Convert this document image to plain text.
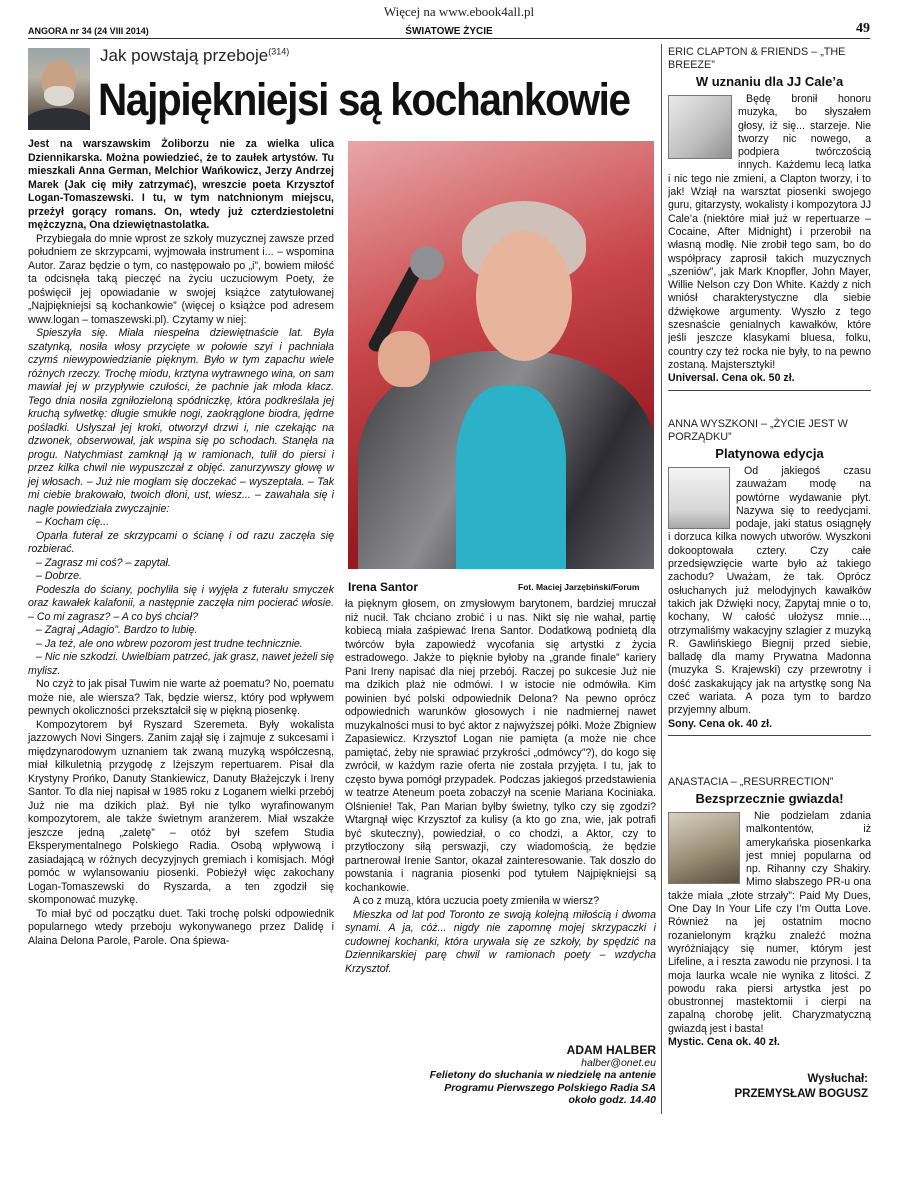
Więcej na www.ebook4all.pl
ANGORA nr 34 (24 VIII 2014)	ŚWIATOWE ŻYCIE	49
Jak powstają przeboje$^{(314)}$
Najpiękniejsi są kochankowie

Jest na warszawskim Żoliborzu nie za wielka ulica Dziennikarska. Można powiedzieć, że to zaułek artystów. Tu mieszkali Anna German, Melchior Wańkowicz, Jerzy Andrzej Marek (Jak cię miły zatrzymać), wreszcie poeta Krzysztof Logan-Tomaszewski. I tu, w tym natchnionym miejscu, przeżył gorący romans. On, wtedy już czterdziestoletni mężczyzna, Ona dziewiętnastolatka.

Przybiegała do mnie wprost ze szkoły muzycznej zawsze przed południem ze skrzypcami, wyjmowała instrument i... – wspomina Autor. Zaraz będzie o tym, co następowało po „i”, bowiem miłość ta odcisnęła taką pieczęć na życiu uczuciowym Poety, że poświęcił jej opowiadanie w swojej książce zatytułowanej „Najpiękniejsi są kochankowie” (więcej o książce pod adresem www.logan – tomaszewski.pl). Czytamy w niej:

Spieszyła się. Miała niespełna dziewiętnaście lat. Była szatynką, nosiła włosy przycięte w połowie szyi i pachniała czymś niewypowiedzianie pięknym. Było w tym zapachu wiele różnych rzeczy. Trochę miodu, krztyna wytrawnego wina, on sam mawiał jej w przypływie czułości, że pachnie jak młoda kłacz. Tego dnia nosiła zgniłozieloną spódniczkę, która podkreślała jej kruchą sylwetkę: długie smukłe nogi, zaokrąglone biodra, jędrne pośladki. Usłyszał jej kroki, otworzył drzwi i, nie czekając na dzwonek, obserwował, jak wspina się po schodach. Stanęła na progu. Natychmiast zamknął ją w ramionach, tulił do piersi i przez kilka chwil nie wypuszczał z objęć. zanurzywszy głowę w jej włosach. – Już nie mogłam się doczekać – wyszeptała. – Tak mi ciebie brakowało, twoich dłoni, ust, wiesz... – zawahała się i nagle powiedziała zwyczajnie:

– Kocham cię...

Oparła futerał ze skrzypcami o ścianę i od razu zaczęła się rozbierać.

– Zagrasz mi coś? – zapytał.

– Dobrze.

Podeszła do ściany, pochyliła się i wyjęła z futerału smyczek oraz kawałek kalafonii, a następnie zaczęła nim pocierać włosie. – Co mi zagrasz? – A co byś chciał?

– Zagraj „Adagio”. Bardzo to lubię.

– Ja też, ale ono wbrew pozorom jest trudne technicznie.

– Nic nie szkodzi. Uwielbiam patrzeć, jak grasz, nawet jeżeli się mylisz.

No czyż to jak pisał Tuwim nie warte aż poematu? No, poematu może nie, ale wiersza? Tak, będzie wiersz, który pod wpływem pewnych okoliczności przekształcił się w piękną piosenkę.

Kompozytorem był Ryszard Szeremeta. Były wokalista jazzowych Novi Singers. Zanim zajął się i zajmuje z sukcesami i międzynarodowym uznaniem tak zwaną muzyką współczesną, miał kilkuletnią przygodę z lżejszym repertuarem. Pisał dla Krystyny Prońko, Danuty Stankiewicz, Danuty Błażejczyk i Ireny Santor. To dla niej napisał w 1985 roku z Loganem wielki przebój Już nie ma dzikich plaż. Był nie tylko wyrafinowanym kompozytorem, ale także świetnym aranżerem. Miał wszakże jeszcze jedną „zaletę” – otóż był szefem Studia Eksperymentalnego Polskiego Radia. Osobą wpływową i zasiadającą w różnych decyzyjnych gremiach i komisjach. Mógł pomóc w wylansowaniu piosenki. Pobieżył więc zakochany Logan-Tomaszewski do Ryszarda, a ten zgodził się skomponować muzykę.

To miał być od początku duet. Taki trochę polski odpowiednik popularnego wtedy przeboju wykonywanego przez Dalidę i Alaina Delona Parole, Parole. Ona śpiewa-

Irena Santor	Fot. Maciej Jarzębiński/Forum

ła pięknym głosem, on zmysłowym barytonem, bardziej mruczał niż nucił. Tak chciano zrobić i u nas. Nikt się nie wahał, partię kobiecą miała zaśpiewać Irena Santor. Dodatkową podnietą dla twórców była zapowiedź wycofania się artystki z życia estradowego. Jakże to pięknie byłoby na „grande finale” kariery Pani Ireny napisać dla niej przebój. Raczej po sukcesie Już nie ma dzikich plaż nie odmówi. I w istocie nie odmówiła. Kim powinien być polski odpowiednik Delona? Na pewno oprócz odpowiednich warunków głosowych i nie nadmiernej nawet muzykalności musi to być aktor z najwyższej półki. Może Zbigniew Zapasiewicz. Krzysztof Logan nie pamięta (a może nie chce pamiętać, żeby nie sprawiać przykrości „odmówcy”?), do kogo się zwrócił, w każdym razie oferta nie została przyjęta. I tu, jak to często bywa pomógł przypadek. Podczas jakiegoś przedstawienia w teatrze Ateneum poeta zobaczył na scenie Mariana Kociniaka. Olśnienie! Tak, Pan Marian byłby świetny, tylko czy się zgodzi? Wtargnął więc Krzysztof za kulisy (a kto go zna, wie, jak potrafi być skuteczny), powiedział, o co chodzi, a Aktor, czy to przytłoczony siłą perswazji, czy wiadomością, że będzie partnerował Irenie Santor, okazał zainteresowanie. Tak doszło do powstania i nagrania piosenki pod tytułem Najpiękniejsi są kochankowie.

A co z muzą, która uczucia poety zmieniła w wiersz?

Mieszka od lat pod Toronto ze swoją kolejną miłością i dwoma synami. A ja, cóż... nigdy nie zapomnę mojej skrzypaczki i cudownej kochanki, która urywała się ze szkoły, by spędzić na Dziennikarskiej parę chwil w ramionach poety – wzdycha Krzysztof.

ADAM HALBER
halber@onet.eu
Felietony do słuchania w niedzielę na antenie
Programu Pierwszego Polskiego Radia SA
około godz. 14.40
ERIC CLAPTON & FRIENDS – „THE BREEZE”
W uznaniu dla JJ Cale’a

Będę bronił honoru muzyka, bo słyszałem głosy, iż się... starzeje. Nie tworzy nic nowego, a podpiera twórczością innych. Każdemu lecą latka i nic tego nie zmieni, a Clapton tworzy, i to jak! Wziął na warsztat piosenki swojego guru, gitarzysty, wokalisty i kompozytora JJ Cale’a (niektóre miał już w repertuarze – Cocaine, After Midnight) i przerobił na własną modłę. Nie zrobił tego sam, bo do współpracy zaprosił takich muzycznych „szeniów”, jak Mark Knopfler, John Mayer, Willie Nelson czy Don White. Każdy z nich wniósł charakterystyczne dla siebie dźwiękowe argumenty. Wyszło z tego szesnaście genialnych kawałków, które jeśli jeszcze klasykami bluesa, folku, country czy też rocka nie były, to na pewno zostaną. Majstersztyki!

Universal. Cena ok. 50 zł.

ANNA WYSZKONI – „ŻYCIE JEST W PORZĄDKU”
Platynowa edycja

Od jakiegoś czasu zauważam modę na powtórne wydawanie płyt. Nazywa się to reedycjami. podaje, jaki status osiągnęły i dorzuca kilka nowych utworów. Wyszkoni dokooptowała cztery. Czy całe przedsięwzięcie warte było aż takiego zachodu? Uważam, że tak. Oprócz osłuchanych już melodyjnych kawałków takich jak Dźwięki nocy, Zapytaj mnie o to, kochany, W całość ułożysz mnie..., otrzymaliśmy wakacyjny szlagier z muzyką R. Gawlińskiego Biegnij przed siebie, balladę dla mamy Prywatna Madonna (muzyka S. Krajewski) czy przewrotny i dość zaskakujący jak na artystkę song Na czeć wariata. A poza tym to bardzo przyjemny album.

Sony. Cena ok. 40 zł.

ANASTACIA – „RESURRECTION”
Bezsprzecznie gwiazda!

Nie podzielam zdania malkontentów, iż amerykańska piosenkarka jest mniej popularna od np. Rihanny czy Shakiry. Mimo słabszego PR-u ona także miała „złote strzały”: Paid My Dues, One Day In Your Life czy I’m Outta Love. Również na jej ostatnim mocno rozanielonym krążku znaleźć można wyróżniający się numer, którym jest Lifeline, a i reszta zawodu nie przynosi. I ta moja laurka wcale nie wynika z litości. Z powodu raka piersi artystka jest po obustronnej mastektomii i cierpi na zapalną chorobę jelit. Charyzmatyczną gwiazdą jest i basta!

Mystic. Cena ok. 40 zł.

Wysłuchał:
PRZEMYSŁAW BOGUSZ
